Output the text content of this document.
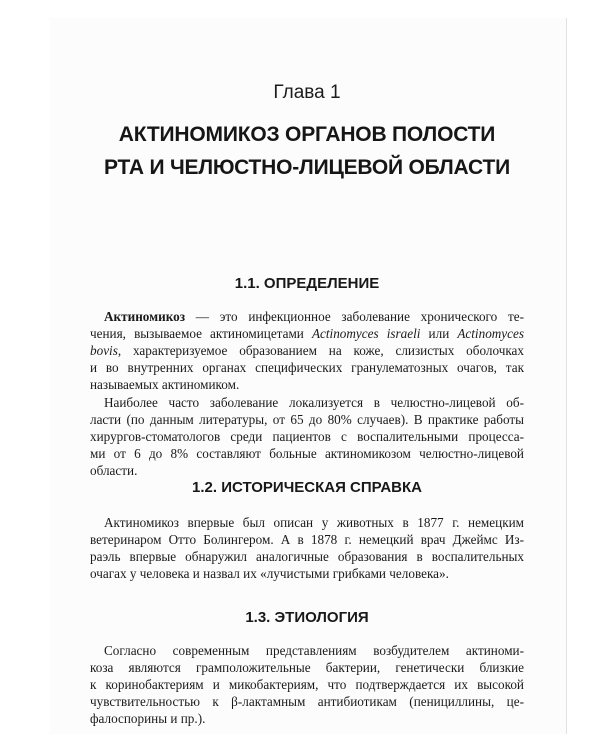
Глава 1
АКТИНОМИКОЗ ОРГАНОВ ПОЛОСТИ
РТА И ЧЕЛЮСТНО-ЛИЦЕВОЙ ОБЛАСТИ
1.1. ОПРЕДЕЛЕНИЕ
Актиномикоз — это инфекционное заболевание хронического те-
чения, вызываемое актиномицетами Actinomyces israeli или Actinomyces
bovis, характеризуемое образованием на коже, слизистых оболочках
и во внутренних органах специфических гранулематозных очагов, так
называемых актиномиком.
Наиболее часто заболевание локализуется в челюстно-лицевой об-
ласти (по данным литературы, от 65 до 80% случаев). В практике работы
хирургов-стоматологов среди пациентов с воспалительными процесса-
ми от 6 до 8% составляют больные актиномикозом челюстно-лицевой
области.
1.2. ИСТОРИЧЕСКАЯ СПРАВКА
Актиномикоз впервые был описан у животных в 1877 г. немецким
ветеринаром Отто Болингером. А в 1878 г. немецкий врач Джеймс Из-
раэль впервые обнаружил аналогичные образования в воспалительных
очагах у человека и назвал их «лучистыми грибками человека».
1.3. ЭТИОЛОГИЯ
Согласно современным представлениям возбудителем актиноми-
коза являются грамположительные бактерии, генетически близкие
к коринобактериям и микобактериям, что подтверждается их высокой
чувствительностью к β-лактамным антибиотикам (пенициллины, це-
фалоспорины и пр.).
